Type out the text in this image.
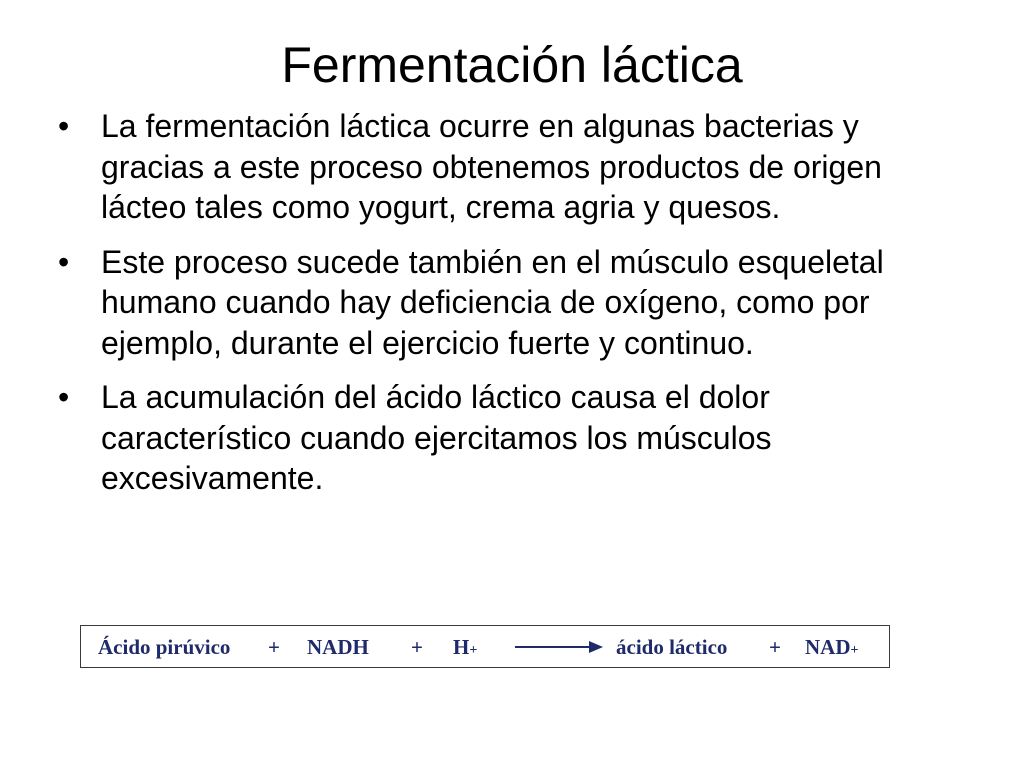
Fermentación láctica
• La fermentación láctica ocurre en algunas bacterias y gracias a este proceso obtenemos productos de origen lácteo tales como yogurt, crema agria y quesos.
• Este proceso sucede también en el músculo esqueletal humano cuando hay deficiencia de oxígeno, como por ejemplo, durante el ejercicio fuerte y continuo.
• La acumulación del ácido láctico causa el dolor característico cuando ejercitamos los músculos excesivamente.
Ácido pirúvico + NADH + H+	ácido láctico + NAD+
